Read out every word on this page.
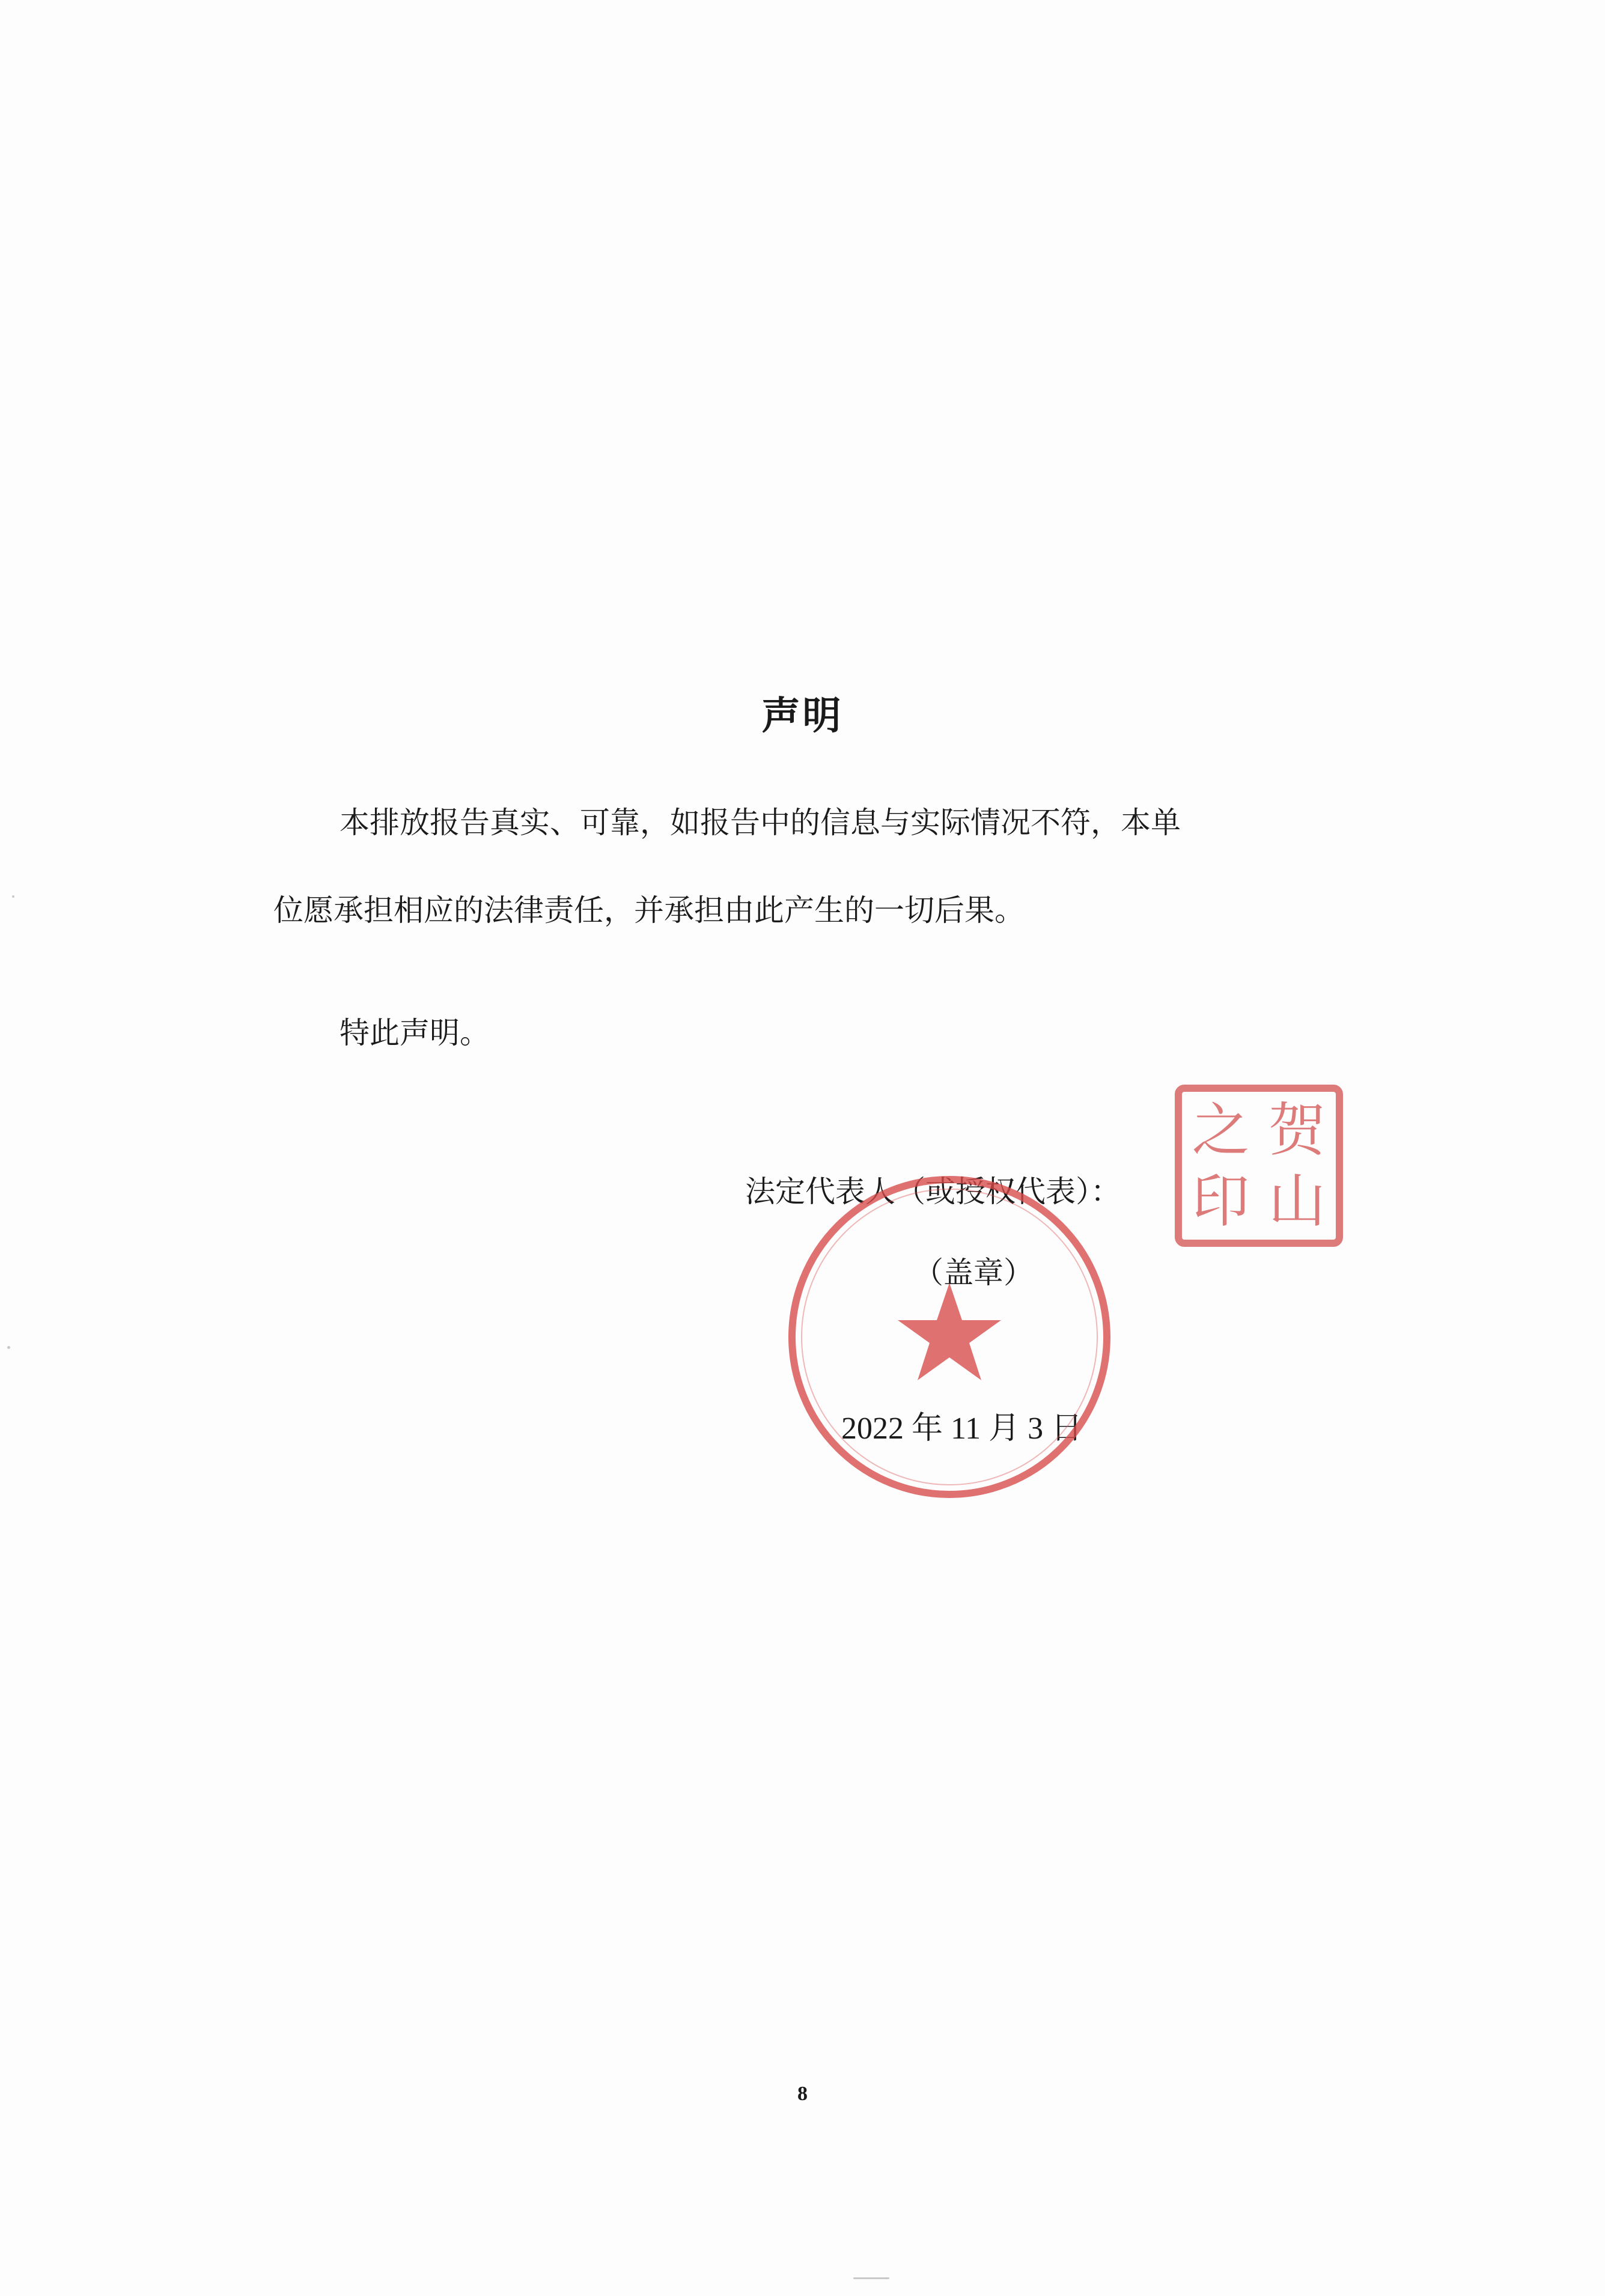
声明
本排放报告真实、可靠，如报告中的信息与实际情况不符，本单
位愿承担相应的法律责任，并承担由此产生的一切后果。
特此声明。
法定代表人（或授权代表）：
（盖章）
2022 年 11 月 3 日
之 贺
印 山
8
